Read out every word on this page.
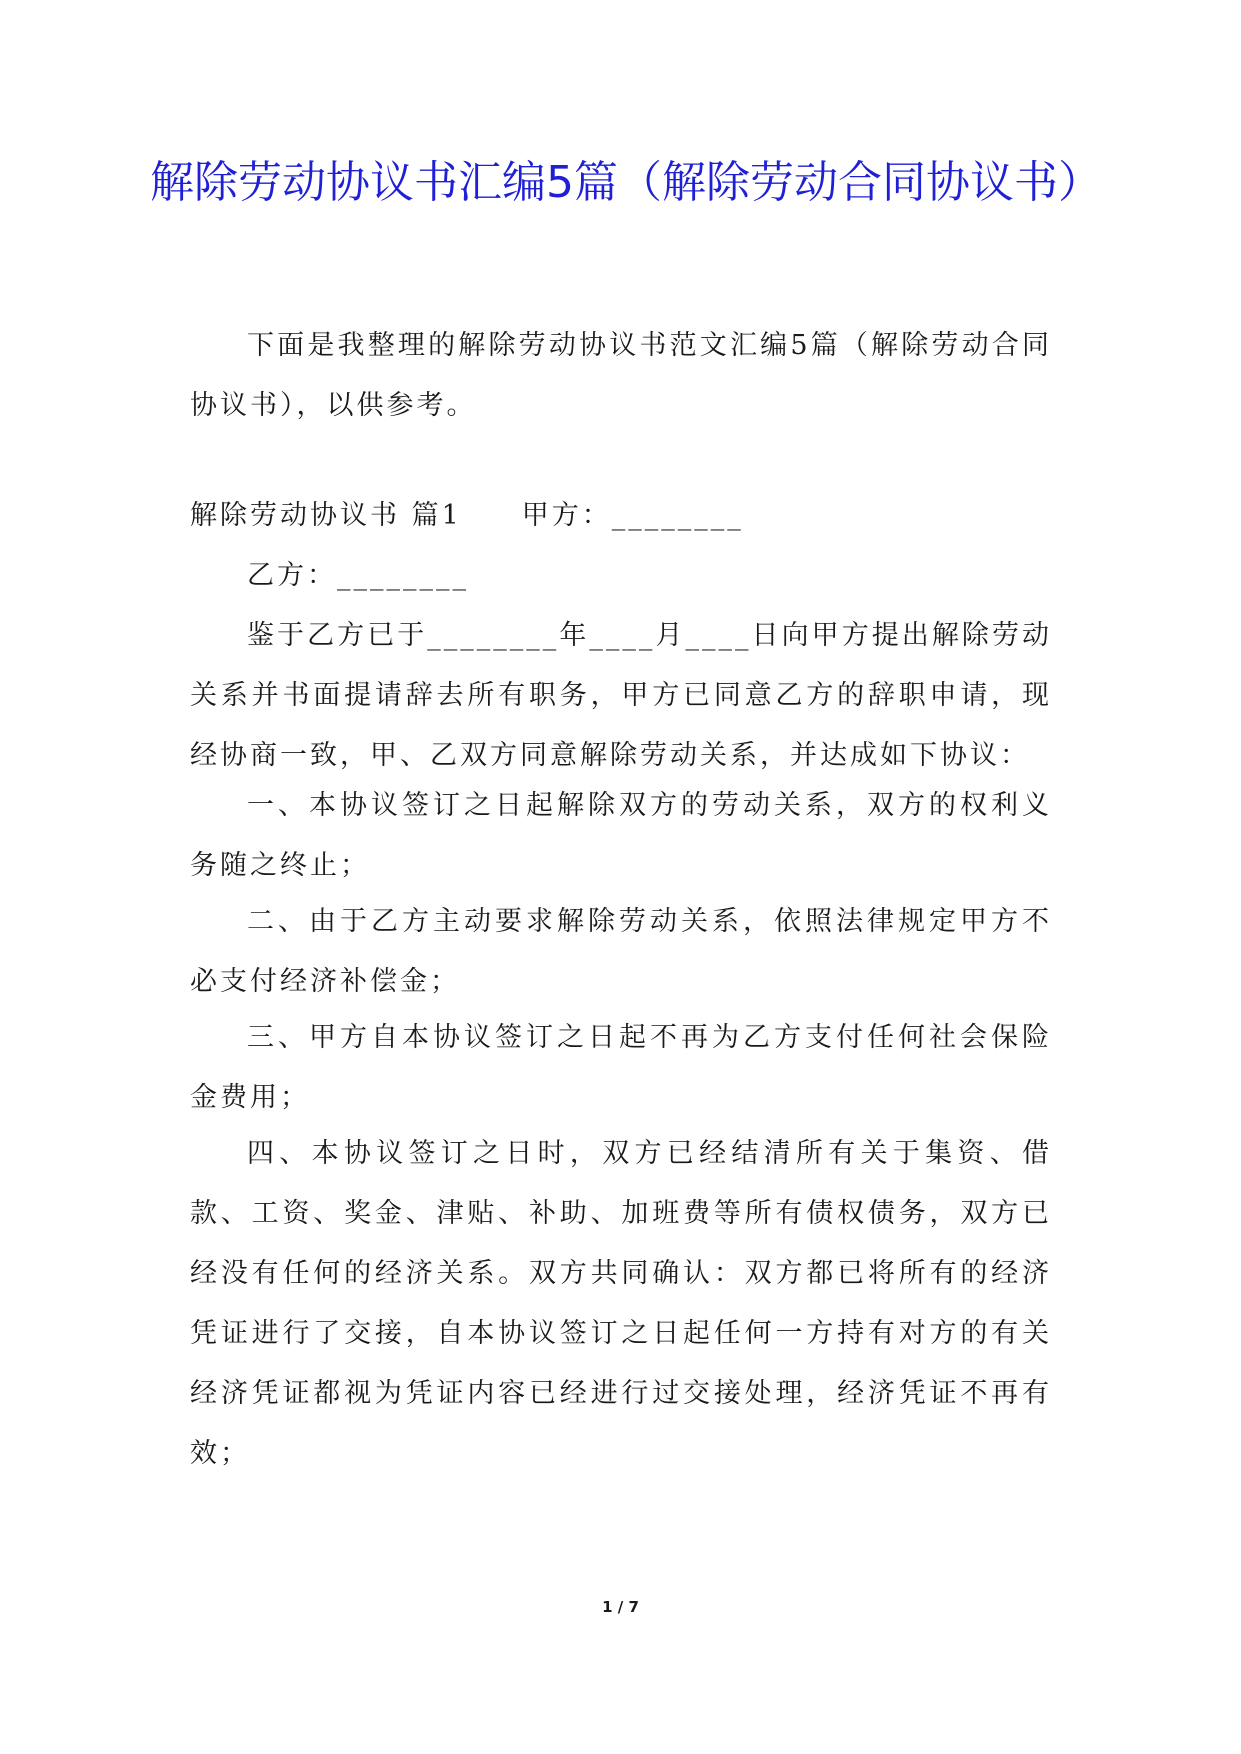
解除劳动协议书汇编5篇（解除劳动合同协议书）

下面是我整理的解除劳动协议书范文汇编5篇（解除劳动合同协议书），以供参考。

解除劳动协议书 篇1　　甲方：________

乙方：________

鉴于乙方已于________年____月____日向甲方提出解除劳动关系并书面提请辞去所有职务，甲方已同意乙方的辞职申请，现经协商一致，甲、乙双方同意解除劳动关系，并达成如下协议：

一、本协议签订之日起解除双方的劳动关系，双方的权利义务随之终止；

二、由于乙方主动要求解除劳动关系，依照法律规定甲方不必支付经济补偿金；

三、甲方自本协议签订之日起不再为乙方支付任何社会保险金费用；

四、本协议签订之日时，双方已经结清所有关于集资、借款、工资、奖金、津贴、补助、加班费等所有债权债务，双方已经没有任何的经济关系。双方共同确认：双方都已将所有的经济凭证进行了交接，自本协议签订之日起任何一方持有对方的有关经济凭证都视为凭证内容已经进行过交接处理，经济凭证不再有效；

1 / 7
